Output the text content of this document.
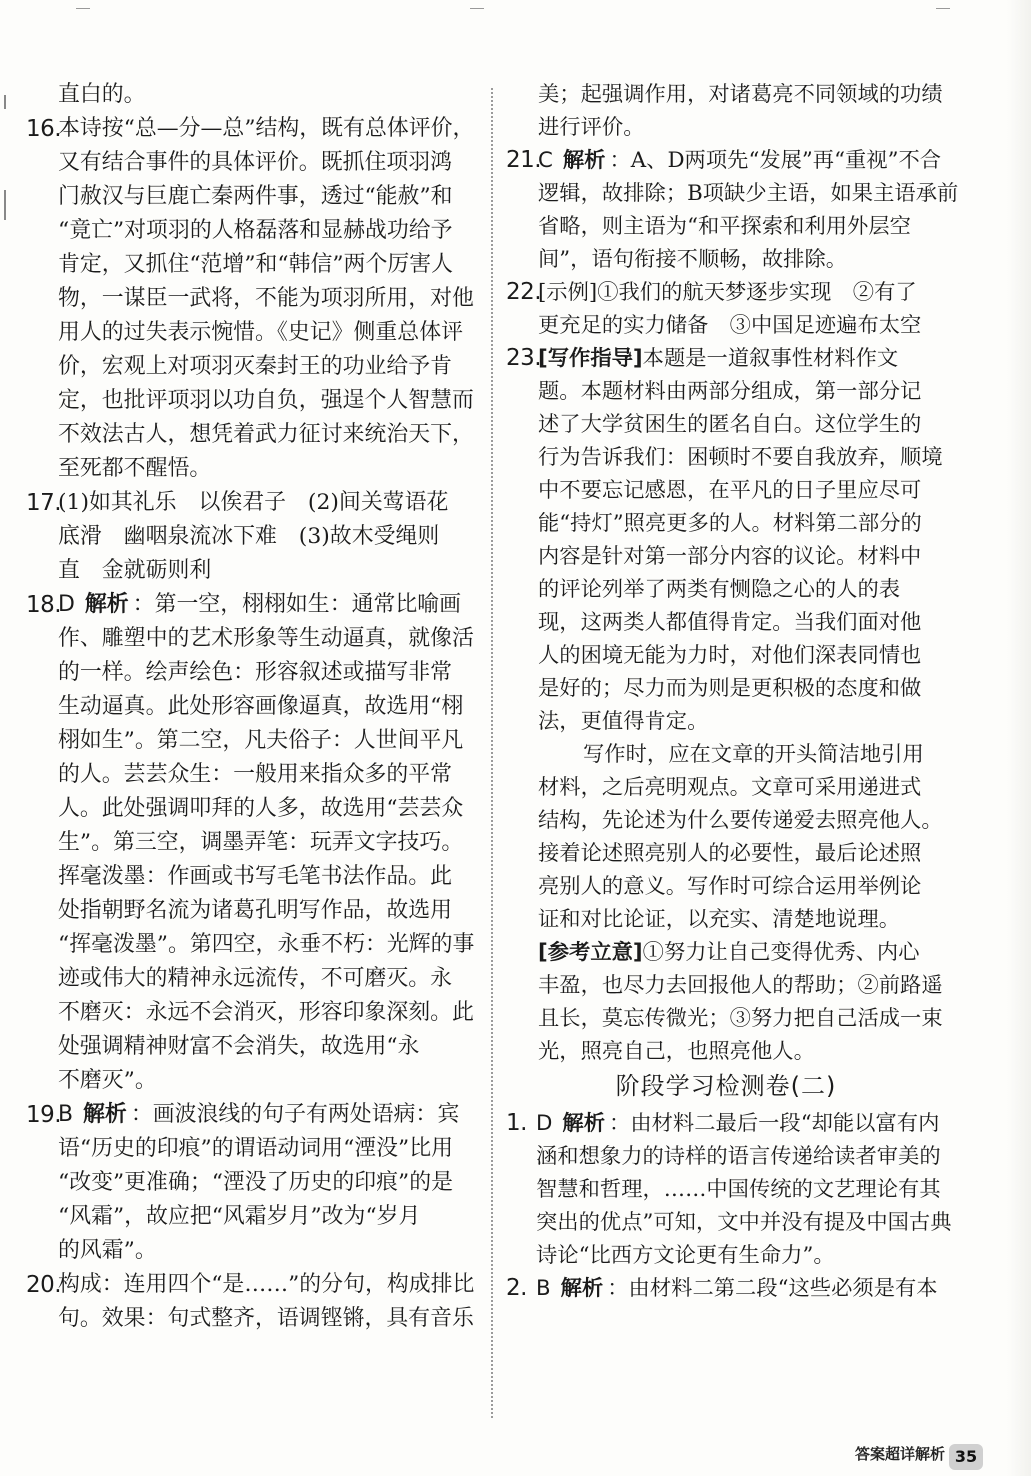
直白的。
16.
本诗按“总—分—总”结构，既有总体评价，
又有结合事件的具体评价。既抓住项羽鸿
门赦汉与巨鹿亡秦两件事，透过“能赦”和
“竟亡”对项羽的人格磊落和显赫战功给予
肯定，又抓住“范增”和“韩信”两个厉害人
物，一谋臣一武将，不能为项羽所用，对他
用人的过失表示惋惜。《史记》侧重总体评
价，宏观上对项羽灭秦封王的功业给予肯
定，也批评项羽以功自负，强逞个人智慧而
不效法古人，想凭着武力征讨来统治天下，
至死都不醒悟。
17.
(1)如其礼乐　以俟君子　(2)间关莺语花
底滑　幽咽泉流冰下难　(3)故木受绳则
直　金就砺则利
18.
D 解析 ：第一空，栩栩如生：通常比喻画
作、雕塑中的艺术形象等生动逼真，就像活
的一样。绘声绘色：形容叙述或描写非常
生动逼真。此处形容画像逼真，故选用“栩
栩如生”。第二空，凡夫俗子：人世间平凡
的人。芸芸众生：一般用来指众多的平常
人。此处强调叩拜的人多，故选用“芸芸众
生”。第三空，调墨弄笔：玩弄文字技巧。
挥毫泼墨：作画或书写毛笔书法作品。此
处指朝野名流为诸葛孔明写作品，故选用
“挥毫泼墨”。第四空，永垂不朽：光辉的事
迹或伟大的精神永远流传，不可磨灭。永
不磨灭：永远不会消灭，形容印象深刻。此
处强调精神财富不会消失，故选用“永
不磨灭”。
19.
B 解析 ：画波浪线的句子有两处语病：宾
语“历史的印痕”的谓语动词用“湮没”比用
“改变”更准确；“湮没了历史的印痕”的是
“风霜”，故应把“风霜岁月”改为“岁月
的风霜”。
20.
构成：连用四个“是……”的分句，构成排比
句。效果：句式整齐，语调铿锵，具有音乐
美；起强调作用，对诸葛亮不同领域的功绩
进行评价。
21.
C 解析 ：A、D两项先“发展”再“重视”不合
逻辑，故排除；B项缺少主语，如果主语承前
省略，则主语为“和平探索和利用外层空
间”，语句衔接不顺畅，故排除。
22.
[示例]①我们的航天梦逐步实现　②有了
更充足的实力储备　③中国足迹遍布太空
23.
[写作指导]本题是一道叙事性材料作文
题。本题材料由两部分组成，第一部分记
述了大学贫困生的匿名自白。这位学生的
行为告诉我们：困顿时不要自我放弃，顺境
中不要忘记感恩，在平凡的日子里应尽可
能“持灯”照亮更多的人。材料第二部分的
内容是针对第一部分内容的议论。材料中
的评论列举了两类有恻隐之心的人的表
现，这两类人都值得肯定。当我们面对他
人的困境无能为力时，对他们深表同情也
是好的；尽力而为则是更积极的态度和做
法，更值得肯定。
写作时，应在文章的开头简洁地引用
材料，之后亮明观点。文章可采用递进式
结构，先论述为什么要传递爱去照亮他人。
接着论述照亮别人的必要性，最后论述照
亮别人的意义。写作时可综合运用举例论
证和对比论证，以充实、清楚地说理。
[参考立意]①努力让自己变得优秀、内心
丰盈，也尽力去回报他人的帮助；②前路遥
且长，莫忘传微光；③努力把自己活成一束
光，照亮自己，也照亮他人。
阶段学习检测卷(二)
1. D 解析 ：由材料二最后一段“却能以富有内
涵和想象力的诗样的语言传递给读者审美的
智慧和哲理，……中国传统的文艺理论有其
突出的优点”可知，文中并没有提及中国古典
诗论“比西方文论更有生命力”。
2. B 解析 ：由材料二第二段“这些必须是有本
答案超详解析 35
